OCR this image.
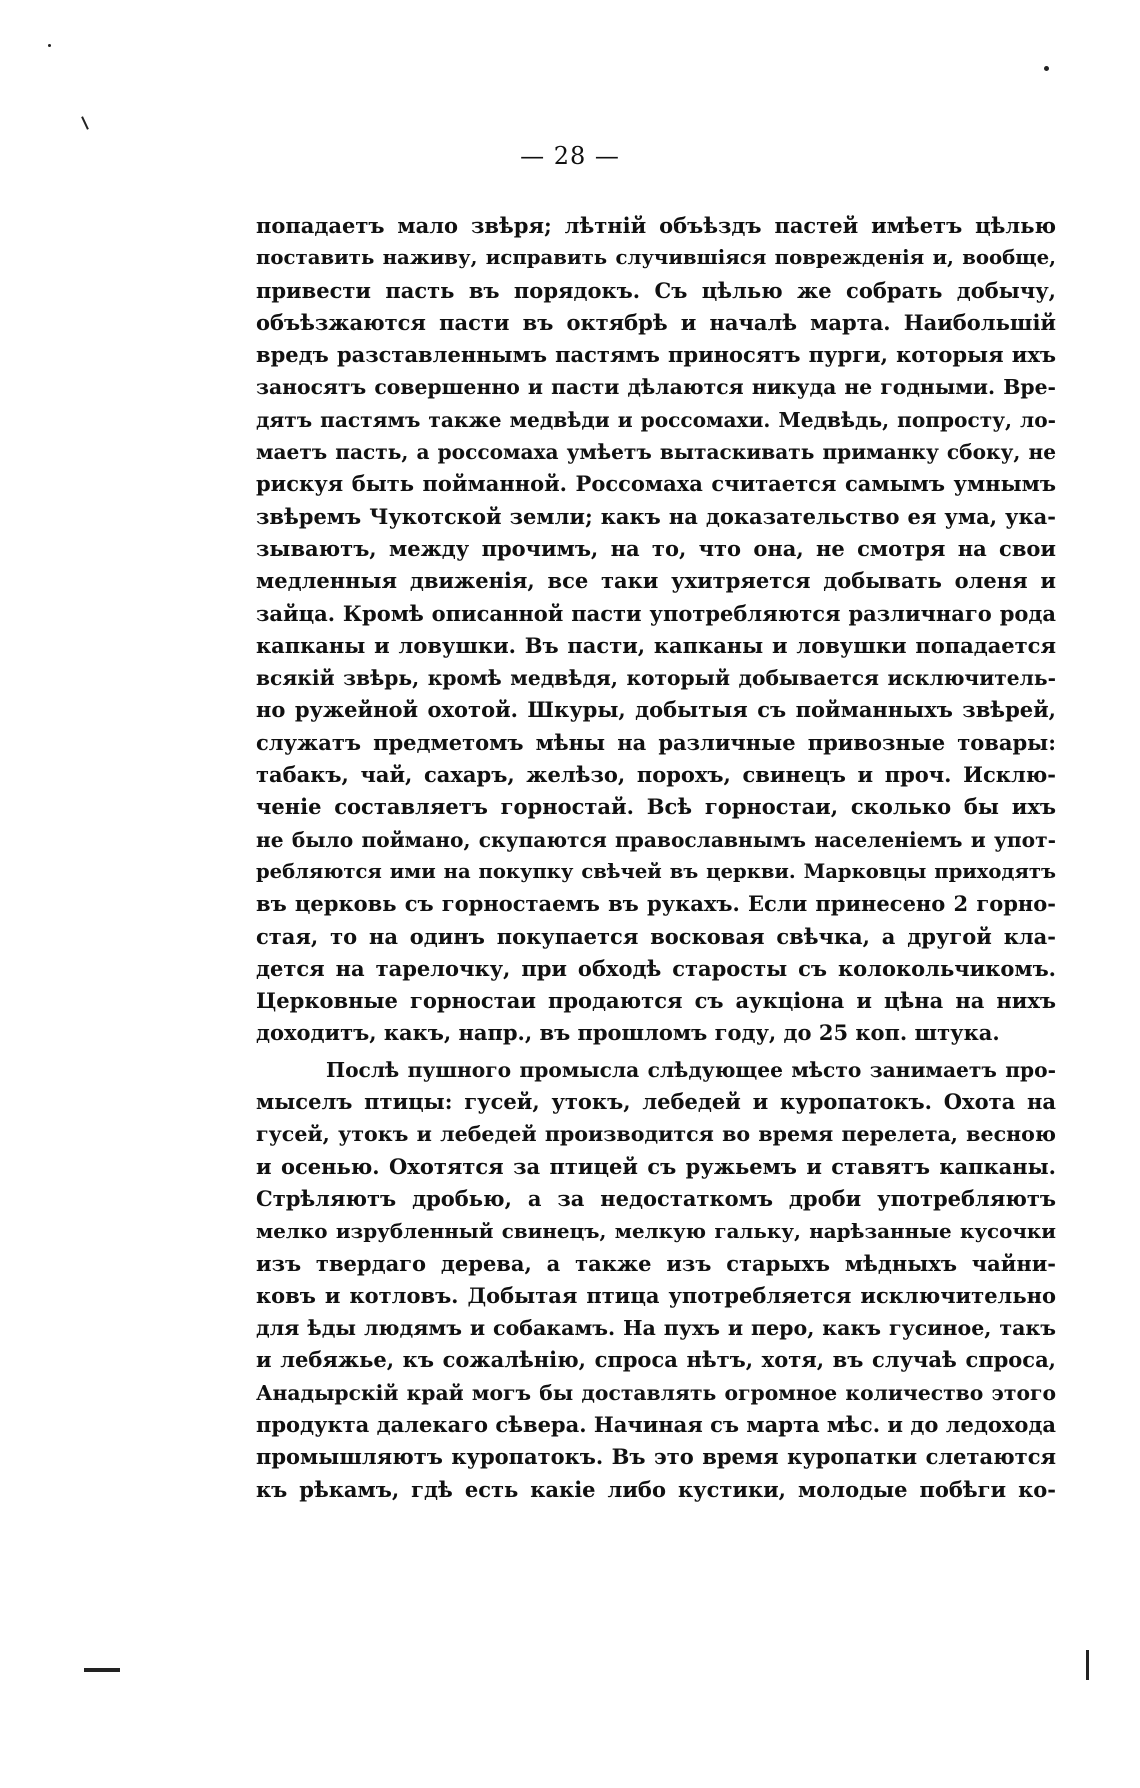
— 28 —
попадаетъ мало звѣря; лѣтній объѣздъ пастей имѣетъ цѣлью
поставить наживу, исправить случившіяся поврежденія и, вообще,
привести пасть въ порядокъ. Съ цѣлью же собрать добычу,
объѣзжаются пасти въ октябрѣ и началѣ марта. Наибольшій
вредъ разставленнымъ пастямъ приносятъ пурги, которыя ихъ
заносятъ совершенно и пасти дѣлаются никуда не годными. Вре-
дятъ пастямъ также медвѣди и россомахи. Медвѣдь, попросту, ло-
маетъ пасть, а россомаха умѣетъ вытаскивать приманку сбоку, не
рискуя быть пойманной. Россомаха считается самымъ умнымъ
звѣремъ Чукотской земли; какъ на доказательство ея ума, ука-
зываютъ, между прочимъ, на то, что она, не смотря на свои
медленныя движенія, все таки ухитряется добывать оленя и
зайца. Кромѣ описанной пасти употребляются различнаго рода
капканы и ловушки. Въ пасти, капканы и ловушки попадается
всякій звѣрь, кромѣ медвѣдя, который добывается исключитель-
но ружейной охотой. Шкуры, добытыя съ пойманныхъ звѣрей,
служатъ предметомъ мѣны на различные привозные товары:
табакъ, чай, сахаръ, желѣзо, порохъ, свинецъ и проч. Исклю-
ченіе составляетъ горностай. Всѣ горностаи, сколько бы ихъ
не было поймано, скупаются православнымъ населеніемъ и упот-
ребляются ими на покупку свѣчей въ церкви. Марковцы приходятъ
въ церковь съ горностаемъ въ рукахъ. Если принесено 2 горно-
стая, то на одинъ покупается восковая свѣчка, а другой кла-
дется на тарелочку, при обходѣ старосты съ колокольчикомъ.
Церковные горностаи продаются съ аукціона и цѣна на нихъ
доходитъ, какъ, напр., въ прошломъ году, до 25 коп. штука.
Послѣ пушного промысла слѣдующее мѣсто занимаетъ про-
мыселъ птицы: гусей, утокъ, лебедей и куропатокъ. Охота на
гусей, утокъ и лебедей производится во время перелета, весною
и осенью. Охотятся за птицей съ ружьемъ и ставятъ капканы.
Стрѣляютъ дробью, а за недостаткомъ дроби употребляютъ
мелко изрубленный свинецъ, мелкую гальку, нарѣзанные кусочки
изъ твердаго дерева, а также изъ старыхъ мѣдныхъ чайни-
ковъ и котловъ. Добытая птица употребляется исключительно
для ѣды людямъ и собакамъ. На пухъ и перо, какъ гусиное, такъ
и лебяжье, къ сожалѣнію, спроса нѣтъ, хотя, въ случаѣ спроса,
Анадырскій край могъ бы доставлять огромное количество этого
продукта далекаго сѣвера. Начиная съ марта мѣс. и до ледохода
промышляютъ куропатокъ. Въ это время куропатки слетаются
къ рѣкамъ, гдѣ есть какіе либо кустики, молодые побѣги ко-
